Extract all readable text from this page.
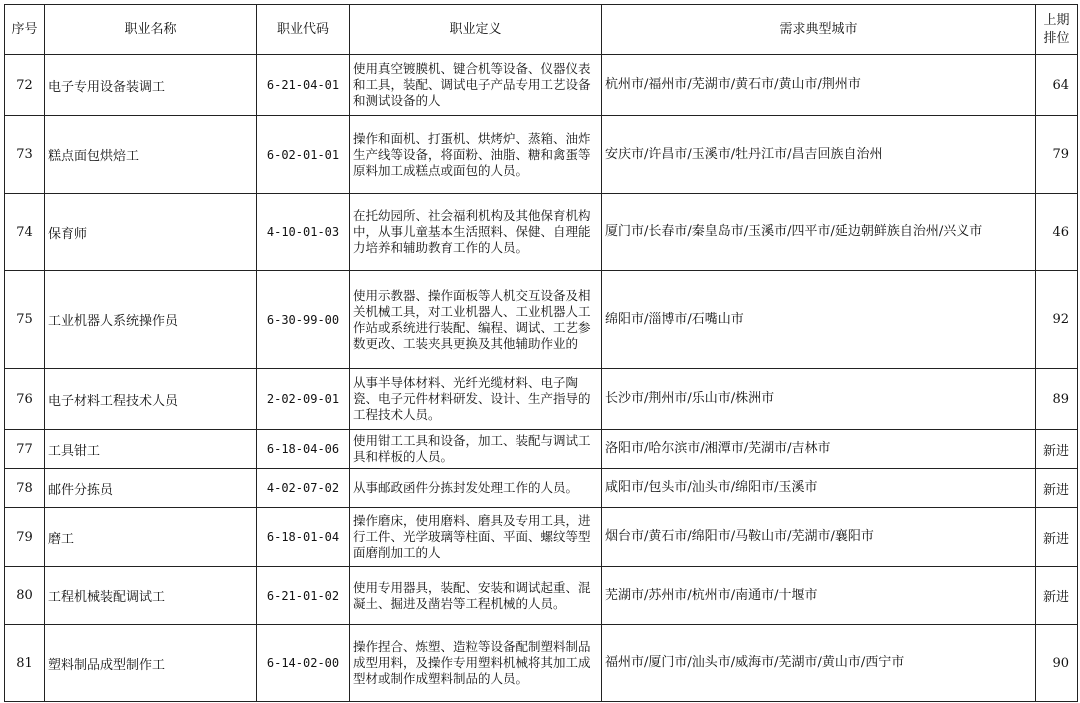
序号	职业名称	职业代码	职业定义	需求典型城市	上期
排位

72	电子专用设备装调工	6-21-04-01	使用真空镀膜机、键合机等设备、仪器仪表和工具，装配、调试电子产品专用工艺设备和测试设备的人	杭州市/福州市/芜湖市/黄石市/黄山市/荆州市	64
73	糕点面包烘焙工	6-02-01-01	操作和面机、打蛋机、烘烤炉、蒸箱、油炸生产线等设备，将面粉、油脂、糖和禽蛋等原料加工成糕点或面包的人员。	安庆市/许昌市/玉溪市/牡丹江市/昌吉回族自治州	79
74	保育师	4-10-01-03	在托幼园所、社会福利机构及其他保育机构中，从事儿童基本生活照料、保健、自理能力培养和辅助教育工作的人员。	厦门市/长春市/秦皇岛市/玉溪市/四平市/延边朝鲜族自治州/兴义市	46
75	工业机器人系统操作员	6-30-99-00	使用示教器、操作面板等人机交互设备及相关机械工具，对工业机器人、工业机器人工作站或系统进行装配、编程、调试、工艺参数更改、工装夹具更换及其他辅助作业的	绵阳市/淄博市/石嘴山市	92
76	电子材料工程技术人员	2-02-09-01	从事半导体材料、光纤光缆材料、电子陶瓷、电子元件材料研发、设计、生产指导的工程技术人员。	长沙市/荆州市/乐山市/株洲市	89
77	工具钳工	6-18-04-06	使用钳工工具和设备，加工、装配与调试工具和样板的人员。	洛阳市/哈尔滨市/湘潭市/芜湖市/吉林市	新进
78	邮件分拣员	4-02-07-02	从事邮政函件分拣封发处理工作的人员。	咸阳市/包头市/汕头市/绵阳市/玉溪市	新进
79	磨工	6-18-01-04	操作磨床，使用磨料、磨具及专用工具，进行工件、光学玻璃等柱面、平面、螺纹等型面磨削加工的人	烟台市/黄石市/绵阳市/马鞍山市/芜湖市/襄阳市	新进
80	工程机械装配调试工	6-21-01-02	使用专用器具，装配、安装和调试起重、混凝土、掘进及凿岩等工程机械的人员。	芜湖市/苏州市/杭州市/南通市/十堰市	新进
81	塑料制品成型制作工	6-14-02-00	操作捏合、炼塑、造粒等设备配制塑料制品成型用料，及操作专用塑料机械将其加工成型材或制作成塑料制品的人员。	福州市/厦门市/汕头市/威海市/芜湖市/黄山市/西宁市	90
